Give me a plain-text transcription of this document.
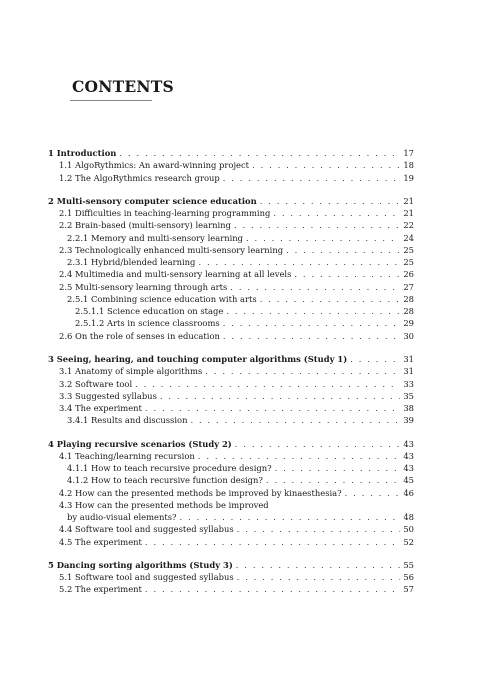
CONTENTS
1 Introduction . . .	17
1.1 AlgoRythmics: An award-winning project . . .	18
1.2 The AlgoRythmics research group . . .	19
2 Multi-sensory computer science education . . .	21
2.1 Difficulties in teaching-learning programming . . .	21
2.2 Brain-based (multi-sensory) learning . . .	22
2.2.1 Memory and multi-sensory learning . . .	24
2.3 Technologically enhanced multi-sensory learning . . .	25
2.3.1 Hybrid/blended learning . . .	25
2.4 Multimedia and multi-sensory learning at all levels . . .	26
2.5 Multi-sensory learning through arts . . .	27
2.5.1 Combining science education with arts . . .	28
2.5.1.1 Science education on stage . . .	28
2.5.1.2 Arts in science classrooms . . .	29
2.6 On the role of senses in education . . .	30
3 Seeing, hearing, and touching computer algorithms (Study 1) . . .	31
3.1 Anatomy of simple algorithms . . .	31
3.2 Software tool . . .	33
3.3 Suggested syllabus . . .	35
3.4 The experiment . . .	38
3.4.1 Results and discussion . . .	39
4 Playing recursive scenarios (Study 2) . . .	43
4.1 Teaching/learning recursion . . .	43
4.1.1 How to teach recursive procedure design? . . .	43
4.1.2 How to teach recursive function design? . . .	45
4.2 How can the presented methods be improved by kinaesthesia? . . .	46
4.3 How can the presented methods be improved
by audio-visual elements? . . .	48
4.4 Software tool and suggested syllabus . . .	50
4.5 The experiment . . .	52
5 Dancing sorting algorithms (Study 3) . . .	55
5.1 Software tool and suggested syllabus . . .	56
5.2 The experiment . . .	57
